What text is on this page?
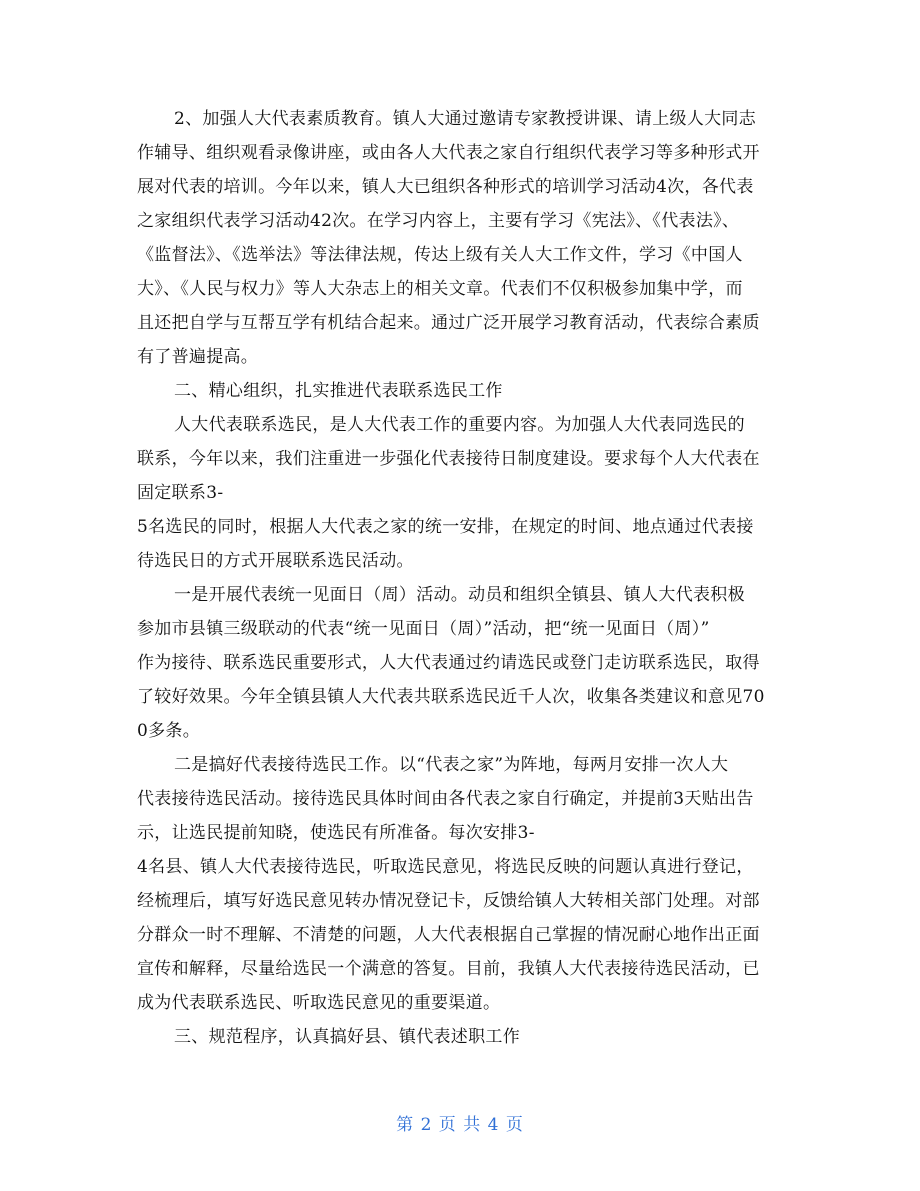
2、加强人大代表素质教育。镇人大通过邀请专家教授讲课、请上级人大同志

作辅导、组织观看录像讲座，或由各人大代表之家自行组织代表学习等多种形式开

展对代表的培训。今年以来，镇人大已组织各种形式的培训学习活动4次，各代表

之家组织代表学习活动42次。在学习内容上，主要有学习《宪法》、《代表法》、

《监督法》、《选举法》等法律法规，传达上级有关人大工作文件，学习《中国人

大》、《人民与权力》等人大杂志上的相关文章。代表们不仅积极参加集中学，而

且还把自学与互帮互学有机结合起来。通过广泛开展学习教育活动，代表综合素质

有了普遍提高。

二、精心组织，扎实推进代表联系选民工作

人大代表联系选民，是人大代表工作的重要内容。为加强人大代表同选民的

联系，今年以来，我们注重进一步强化代表接待日制度建设。要求每个人大代表在

固定联系3-

5名选民的同时，根据人大代表之家的统一安排，在规定的时间、地点通过代表接

待选民日的方式开展联系选民活动。

一是开展代表统一见面日（周）活动。动员和组织全镇县、镇人大代表积极

参加市县镇三级联动的代表“统一见面日（周）”活动，把“统一见面日（周）”

作为接待、联系选民重要形式，人大代表通过约请选民或登门走访联系选民，取得

了较好效果。今年全镇县镇人大代表共联系选民近千人次，收集各类建议和意见70

0多条。

二是搞好代表接待选民工作。以“代表之家”为阵地，每两月安排一次人大

代表接待选民活动。接待选民具体时间由各代表之家自行确定，并提前3天贴出告

示，让选民提前知晓，使选民有所准备。每次安排3-

4名县、镇人大代表接待选民，听取选民意见，将选民反映的问题认真进行登记，

经梳理后，填写好选民意见转办情况登记卡，反馈给镇人大转相关部门处理。对部

分群众一时不理解、不清楚的问题，人大代表根据自己掌握的情况耐心地作出正面

宣传和解释，尽量给选民一个满意的答复。目前，我镇人大代表接待选民活动，已

成为代表联系选民、听取选民意见的重要渠道。

三、规范程序，认真搞好县、镇代表述职工作

第 2 页 共 4 页
